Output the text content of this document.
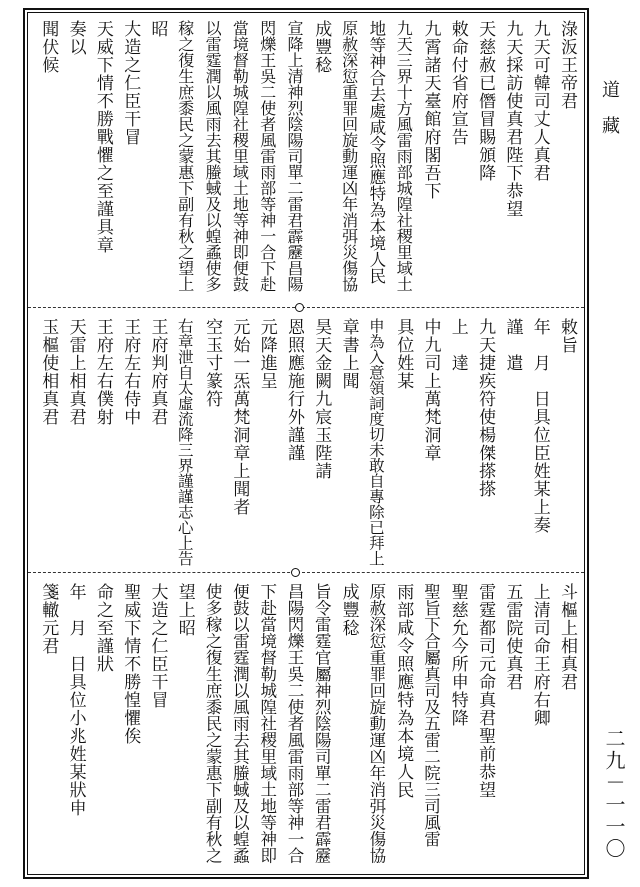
道藏
二九－一一〇
淥汳王帝君
九天可韓司丈人真君
九天採訪使真君陛下恭望
天慈赦已僭冒賜頒降
敕命付省府宣告
九霄諸天臺館府閣吾下
九天三界十方風雷雨部城隍社稷里域土
地等神合去處咸令照應特為本境人民
原赦深愆重罪回旋動運凶年消弭災傷協
成豐稔
宣降上清神烈陰陽司單二雷君霹靂昌陽
閃爍王吳二使者風雷雨部等神一合下赴
當境督勒城隍社稷里域土地等神即便鼓
以雷霆潤以風雨去其螣蜮及以蝗蟊使多
稼之復生庶黍民之蒙惠下副有秋之望上
昭
大造之仁臣干冒
天威下情不勝戰懼之至謹具章
奏以
聞伏候
敕旨
年　月　日具位臣姓某上奏
謹　遣
九天捷疾符使楊傑搽搽
上　達
中九司上萬梵洞章
具位姓某
申為入意領詞度切未敢自專除已拜上
章書上聞
昊天金闕九宸玉陛請
恩照應施行外謹謹
元降進呈
元始一炁萬梵洞章上聞者
空玉寸篆符
右章泄自太虛流降三界謹謹志心上告
王府判府真君
王府左右侍中
王府左右僕射
天雷上相真君
玉樞使相真君
斗樞上相真君
上清司命王府右卿
五雷院使真君
雷霆都司元命真君聖前恭望
聖慈允今所申特降
聖旨下合屬真司及五雷二院三司風雷
雨部咸令照應特為本境人民
原赦深愆重罪回旋動運凶年消弭災傷協
成豐稔
旨令雷霆官屬神烈陰陽司單二雷君霹靂
昌陽閃爍王吳二使者風雷雨部等神一合
下赴當境督勒城隍社稷里域土地等神即
便鼓以雷霆潤以風雨去其螣蜮及以蝗蟊
使多稼之復生庶黍民之蒙惠下副有秋之
望上昭
大造之仁臣干冒
聖威下情不勝惶懼俟
命之至謹狀
年　月　日具位小兆姓某狀申
箋轍元君
